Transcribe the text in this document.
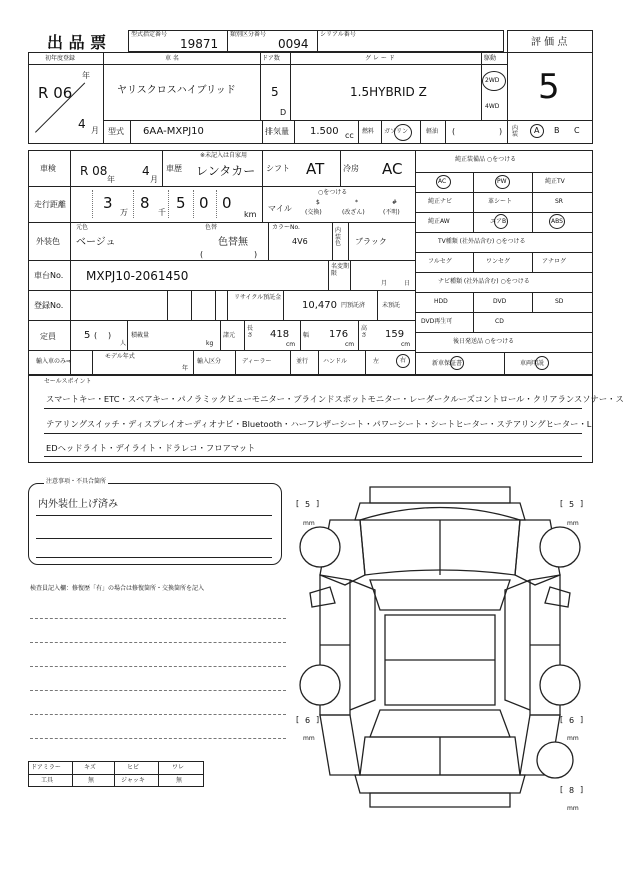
出 品 票	型式指定番号
19871
類別区分番号
0094
シリアル番号
評 価 点
5
初年度登録
R 06
年
4 月
車 名
ヤリスクロスハイブリッド
ドア数
5
D
グ レ ー ド
1.5HYBRID Z
駆動
2WD
4WD
型式 6AA-MXPJ10	排気量 1.500 cc 燃料 ガソリン	軽油 (	) 内装	A B C
車検 R 08
年
4
月
車歴
※未記入は自家用
レンタカー シフト AT 冷房 AC
走行距離 3
万
8
千
5 0 0
km
○をつける
マイル
$
(交換)
*
(改ざん)
#
(不明)
外装色
元色
ベージュ
色替
色替無
(	)
カラーNo.
4V6
内装色	ブラック
車台No. MXPJ10-2061450
名変期限
月	日
登録No.
リサイクル預託金
10,470 円預託済	未預託
定員	5 ( )
人
積載量
kg
諸元
長さ 418
cm
幅 176
cm
高さ 159
cm
輸入車のみ⇒
モデル年式
年
輸入区分	ディーラー	並行 ハンドル	左	右
純正装備品 ○をつける
AC	PW	純正TV
純正ナビ	革シート	SR
純正AW	エアB	ABS
TV種類 (社外品含む) ○をつける
フルセグ	ワンセグ	アナログ
ナビ種類 (社外品含む) ○をつける
HDD	DVD	SD
DVD再生可	CD
後日発送品 ○をつける
新車保証書	車両明説
セールスポイント
スマートキー・ETC・スペアキー・パノラミックビューモニター・ブラインドスポットモニター・レーダークルーズコントロール・クリアランスソナー・ス
テアリングスイッチ・ディスプレイオーディオナビ・Bluetooth・ハーフレザーシート・パワーシート・シートヒーター・ステアリングヒーター・L
EDヘッドライト・デイライト・ドラレコ・フロアマット
注意事項・不具合箇所
内外装仕上げ済み
検査員記入欄：修復歴「有」の場合は修復箇所・交換箇所を記入
ドアミラー	キズ	ヒビ	ワレ
工具	無	ジャッキ	無
[ 5 ]
mm
[ 5 ]
mm
[ 6 ]
mm
[ 6 ]
mm
[ 8 ]
mm
